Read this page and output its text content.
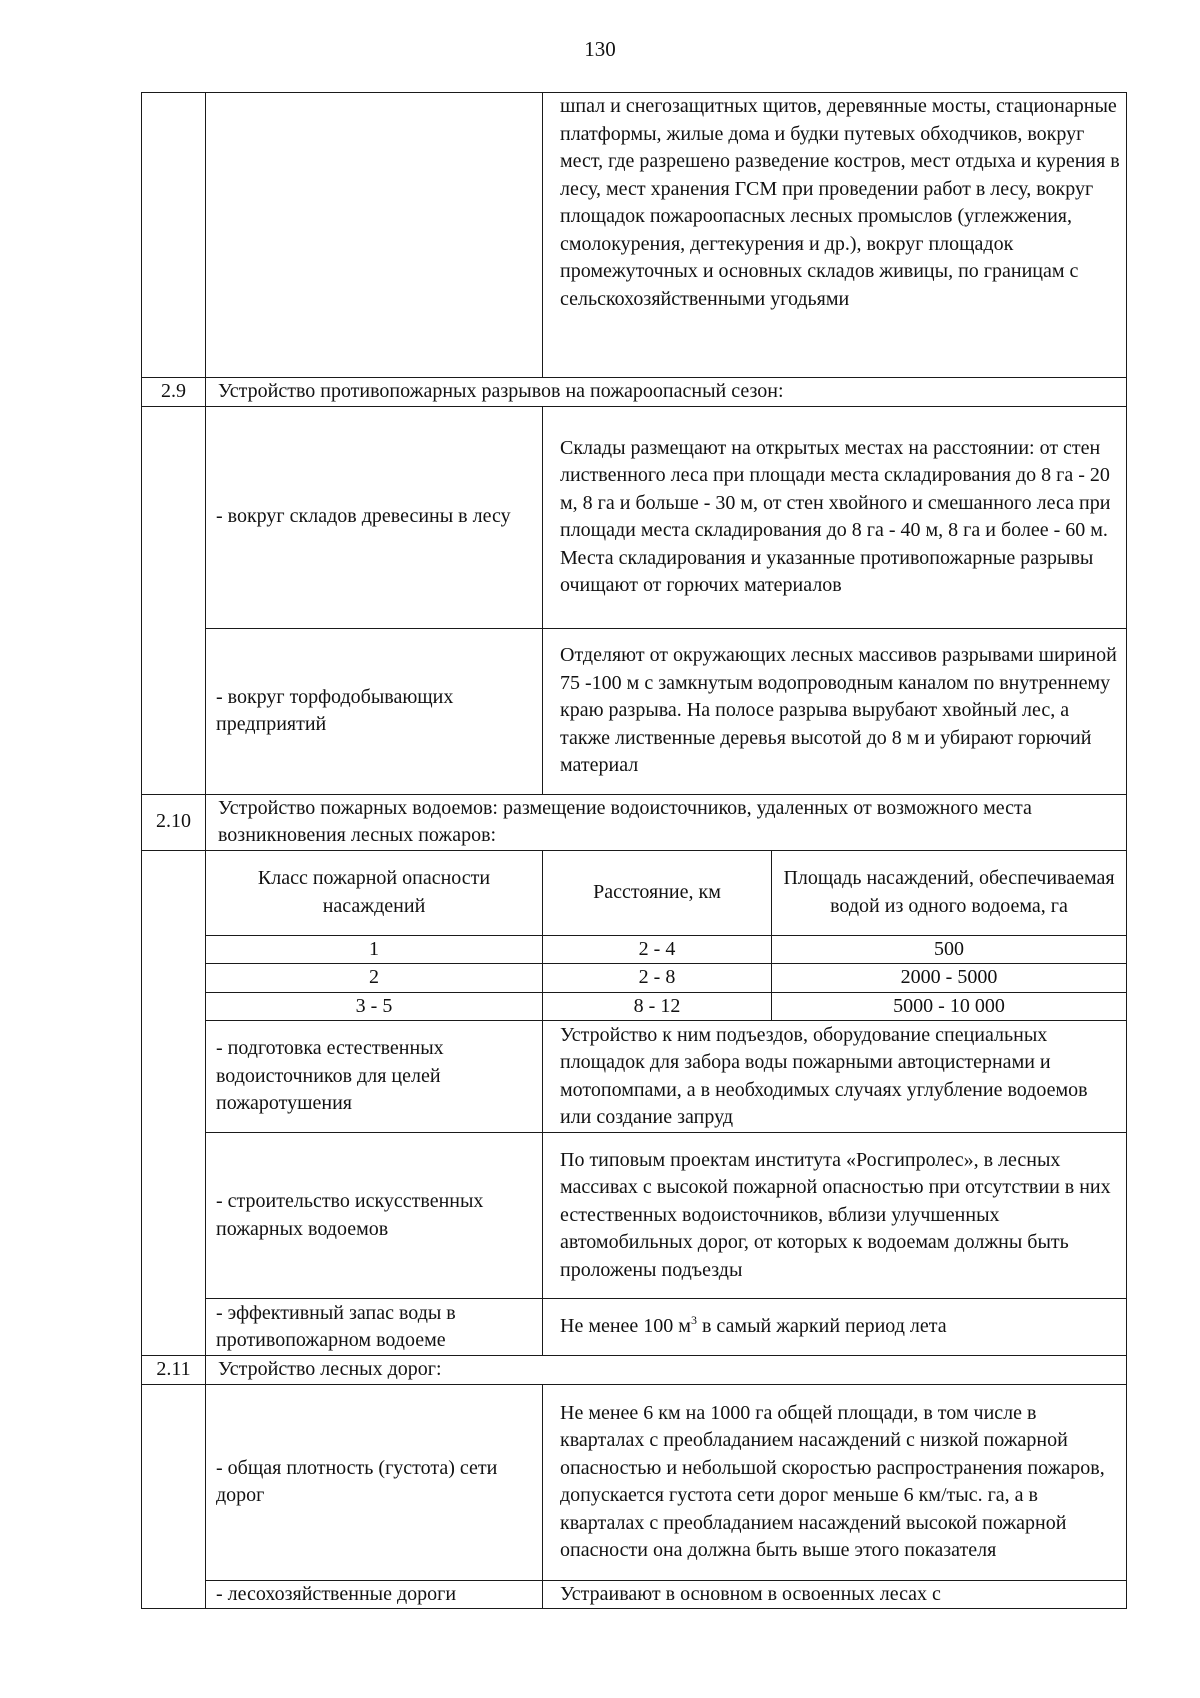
130
		шпал и снегозащитных щитов, деревянные мосты, стационарные платформы, жилые дома и будки путевых обходчиков, вокруг мест, где разрешено разведение костров, мест отдыха и курения в лесу, мест хранения ГСМ при проведении работ в лесу, вокруг площадок пожароопасных лесных промыслов (углежжения, смолокурения, дегтекурения и др.), вокруг площадок промежуточных и основных складов живицы, по границам с сельскохозяйственными угодьями	
2.9	Устройство противопожарных разрывов на пожароопасный сезон:		
	- вокруг складов древесины в лесу	Склады размещают на открытых местах на расстоянии: от стен лиственного леса при площади места складирования до 8 га - 20 м, 8 га и больше - 30 м, от стен хвойного и смешанного леса при площади места складирования до 8 га - 40 м, 8 га и более - 60 м. Места складирования и указанные противопожарные разрывы очищают от горючих материалов	
	- вокруг торфодобывающих предприятий	Отделяют от окружающих лесных массивов разрывами шириной 75 -100 м с замкнутым водопроводным каналом по внутреннему краю разрыва. На полосе разрыва вырубают хвойный лес, а также лиственные деревья высотой до 8 м и убирают горючий материал	
2.10	Устройство пожарных водоемов: размещение водоисточников, удаленных от возможного места возникновения лесных пожаров:		
	Класс пожарной опасности насаждений	Расстояние, км	Площадь насаждений, обеспечиваемая водой из одного водоема, га
	1	2 - 4	500
	2	2 - 8	2000 - 5000
	3 - 5	8 - 12	5000 - 10 000
	- подготовка естественных водоисточников для целей пожаротушения	Устройство к ним подъездов, оборудование специальных площадок для забора воды пожарными автоцистернами и мотопомпами, а в необходимых случаях углубление водоемов или создание запруд	
	- строительство искусственных пожарных водоемов	По типовым проектам института «Росгипролес», в лесных массивах с высокой пожарной опасностью при отсутствии в них естественных водоисточников, вблизи улучшенных автомобильных дорог, от которых к водоемам должны быть проложены подъезды	
	- эффективный запас воды в противопожарном водоеме	Не менее 100 $м^3$ в самый жаркий период лета	
2.11	Устройство лесных дорог:		
	- общая плотность (густота) сети дорог	Не менее 6 км на 1000 га общей площади, в том числе в кварталах с преобладанием насаждений с низкой пожарной опасностью и небольшой скоростью распространения пожаров, допускается густота сети дорог меньше 6 км/тыс. га, а в кварталах с преобладанием насаждений высокой пожарной опасности она должна быть выше этого показателя	
	- лесохозяйственные дороги	Устраивают в основном в освоенных лесах с	
